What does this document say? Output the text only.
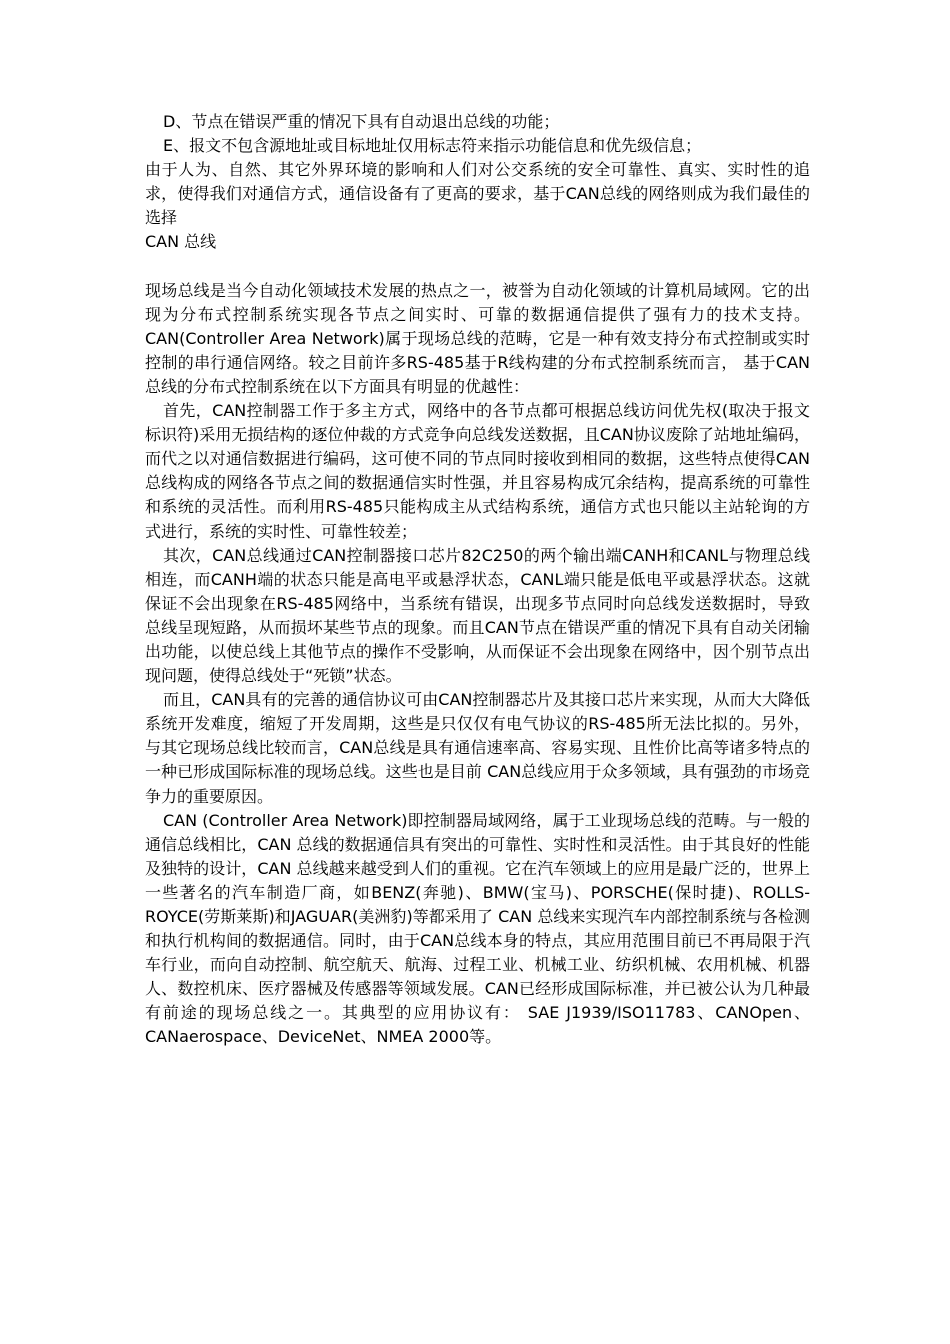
D、节点在错误严重的情况下具有自动退出总线的功能；

E、报文不包含源地址或目标地址仅用标志符来指示功能信息和优先级信息；

由于人为、自然、其它外界环境的影响和人们对公交系统的安全可靠性、真实、实时性的追求，使得我们对通信方式，通信设备有了更高的要求，基于CAN总线的网络则成为我们最佳的选择

CAN 总线

现场总线是当今自动化领域技术发展的热点之一，被誉为自动化领域的计算机局域网。它的出现为分布式控制系统实现各节点之间实时、可靠的数据通信提供了强有力的技术支持。CAN(Controller Area Network)属于现场总线的范畴，它是一种有效支持分布式控制或实时控制的串行通信网络。较之目前许多RS-485基于R线构建的分布式控制系统而言， 基于CAN总线的分布式控制系统在以下方面具有明显的优越性：

首先，CAN控制器工作于多主方式，网络中的各节点都可根据总线访问优先权(取决于报文标识符)采用无损结构的逐位仲裁的方式竞争向总线发送数据，且CAN协议废除了站地址编码，而代之以对通信数据进行编码，这可使不同的节点同时接收到相同的数据，这些特点使得CAN总线构成的网络各节点之间的数据通信实时性强，并且容易构成冗余结构，提高系统的可靠性和系统的灵活性。而利用RS-485只能构成主从式结构系统，通信方式也只能以主站轮询的方式进行，系统的实时性、可靠性较差；

其次，CAN总线通过CAN控制器接口芯片82C250的两个输出端CANH和CANL与物理总线相连，而CANH端的状态只能是高电平或悬浮状态，CANL端只能是低电平或悬浮状态。这就保证不会出现象在RS-485网络中，当系统有错误，出现多节点同时向总线发送数据时，导致总线呈现短路，从而损坏某些节点的现象。而且CAN节点在错误严重的情况下具有自动关闭输出功能，以使总线上其他节点的操作不受影响，从而保证不会出现象在网络中，因个别节点出现问题，使得总线处于“死锁”状态。

而且，CAN具有的完善的通信协议可由CAN控制器芯片及其接口芯片来实现，从而大大降低系统开发难度，缩短了开发周期，这些是只仅仅有电气协议的RS-485所无法比拟的。另外，与其它现场总线比较而言，CAN总线是具有通信速率高、容易实现、且性价比高等诸多特点的一种已形成国际标准的现场总线。这些也是目前 CAN总线应用于众多领域，具有强劲的市场竞争力的重要原因。

CAN (Controller Area Network)即控制器局域网络，属于工业现场总线的范畴。与一般的通信总线相比，CAN 总线的数据通信具有突出的可靠性、实时性和灵活性。由于其良好的性能及独特的设计，CAN 总线越来越受到人们的重视。它在汽车领域上的应用是最广泛的，世界上一些著名的汽车制造厂商，如BENZ(奔驰)、BMW(宝马)、PORSCHE(保时捷)、ROLLS-ROYCE(劳斯莱斯)和JAGUAR(美洲豹)等都采用了 CAN 总线来实现汽车内部控制系统与各检测和执行机构间的数据通信。同时，由于CAN总线本身的特点，其应用范围目前已不再局限于汽车行业，而向自动控制、航空航天、航海、过程工业、机械工业、纺织机械、农用机械、机器人、数控机床、医疗器械及传感器等领域发展。CAN已经形成国际标准，并已被公认为几种最有前途的现场总线之一。其典型的应用协议有： SAE J1939/ISO11783、CANOpen、CANaerospace、DeviceNet、NMEA 2000等。
